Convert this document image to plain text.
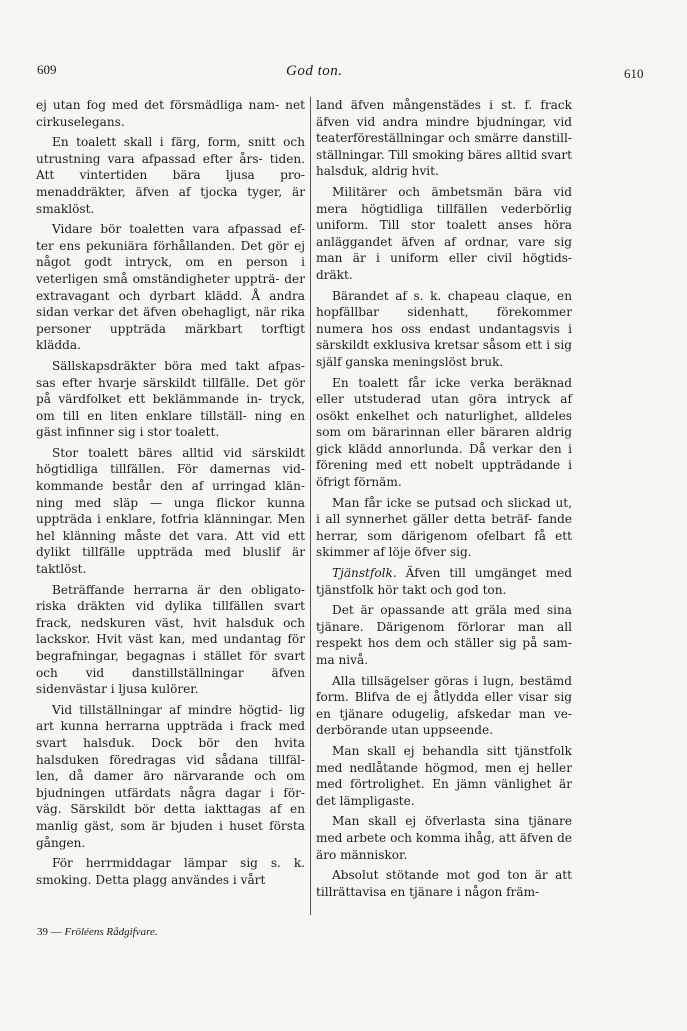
609	God ton.	610

ej utan fog med det försmädliga nam- net cirkuselegans.

En toalett skall i färg, form, snitt och utrustning vara afpassad efter års- tiden. Att vintertiden bära ljusa pro- menaddräkter, äfven af tjocka tyger, är smaklöst.

Vidare bör toaletten vara afpassad ef- ter ens pekuniära förhållanden. Det gör ej något godt intryck, om en person i veterligen små omständigheter uppträ- der extravagant och dyrbart klädd. Å andra sidan verkar det äfven obehagligt, när rika personer uppträda märkbart torftigt klädda.

Sällskapsdräkter böra med takt afpas- sas efter hvarje särskildt tillfälle. Det gör på värdfolket ett beklämmande in- tryck, om till en liten enklare tillställ- ning en gäst infinner sig i stor toalett.

Stor toalett bäres alltid vid särskildt högtidliga tillfällen. För damernas vid- kommande består den af urringad klän- ning med släp — unga flickor kunna uppträda i enklare, fotfria klänningar. Men hel klänning måste det vara. Att vid ett dylikt tillfälle uppträda med bluslif är taktlöst.

Beträffande herrarna är den obligato- riska dräkten vid dylika tillfällen svart frack, nedskuren väst, hvit halsduk och lackskor. Hvit väst kan, med undantag för begrafningar, begagnas i stället för svart och vid danstillställningar äfven sidenvästar i ljusa kulörer.

Vid tillställningar af mindre högtid- lig art kunna herrarna uppträda i frack med svart halsduk. Dock bör den hvita halsduken föredragas vid sådana tillfäl- len, då damer äro närvarande och om bjudningen utfärdats några dagar i för- väg. Särskildt bör detta iakttagas af en manlig gäst, som är bjuden i huset första gången.

För herrmiddagar lämpar sig s. k. smoking. Detta plagg användes i vårt

land äfven mångenstädes i st. f. frack äfven vid andra mindre bjudningar, vid teaterföreställningar och smärre danstill- ställningar. Till smoking bäres alltid svart halsduk, aldrig hvit.

Militärer och ämbetsmän bära vid mera högtidliga tillfällen vederbörlig uniform. Till stor toalett anses höra anläggandet äfven af ordnar, vare sig man är i uniform eller civil högtids- dräkt.

Bärandet af s. k. chapeau claque, en hopfällbar sidenhatt, förekommer numera hos oss endast undantagsvis i särskildt exklusiva kretsar såsom ett i sig själf ganska meningslöst bruk.

En toalett får icke verka beräknad eller utstuderad utan göra intryck af osökt enkelhet och naturlighet, alldeles som om bärarinnan eller bäraren aldrig gick klädd annorlunda. Då verkar den i förening med ett nobelt uppträdande i öfrigt förnäm.

Man får icke se putsad och slickad ut, i all synnerhet gäller detta beträf- fande herrar, som därigenom ofelbart få ett skimmer af löje öfver sig.

Tjänstfolk. Äfven till umgänget med tjänstfolk hör takt och god ton.

Det är opassande att gräla med sina tjänare. Därigenom förlorar man all respekt hos dem och ställer sig på sam- ma nivå.

Alla tillsägelser göras i lugn, bestämd form. Blifva de ej åtlydda eller visar sig en tjänare odugelig, afskedar man ve- derbörande utan uppseende.

Man skall ej behandla sitt tjänstfolk med nedlåtande högmod, men ej heller med förtrolighet. En jämn vänlighet är det lämpligaste.

Man skall ej öfverlasta sina tjänare med arbete och komma ihåg, att äfven de äro människor.

Absolut stötande mot god ton är att tillrättavisa en tjänare i någon främ-

39 — Fröléens Rådgifvare.
